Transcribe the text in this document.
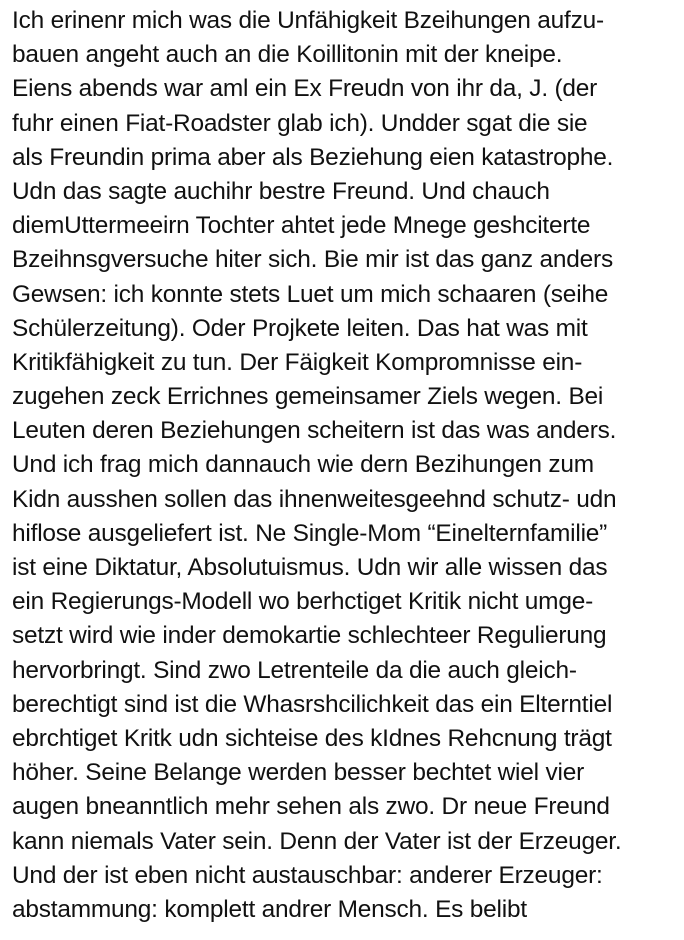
Ich erinenr mich was die Unfähigkeit Bzeihungen aufzu-
bauen angeht auch an die Koillitonin mit der kneipe.
Eiens abends war aml ein Ex Freudn von ihr da, J. (der
fuhr einen Fiat-Roadster glab ich). Undder sgat die sie
als Freundin prima aber als Beziehung eien katastrophe.
Udn das sagte auchihr bestre Freund. Und chauch
diemUttermeeirn Tochter ahtet jede Mnege geshciterte
Bzeihnsgversuche hiter sich. Bie mir ist das ganz anders
Gewsen: ich konnte stets Luet um mich schaaren (seihe
Schülerzeitung). Oder Projkete leiten. Das hat was mit
Kritikfähigkeit zu tun. Der Fäigkeit Kompromnisse ein-
zugehen zeck Errichnes gemeinsamer Ziels wegen. Bei
Leuten deren Beziehungen scheitern ist das was anders.
Und ich frag mich dannauch wie dern Bezihungen zum
Kidn ausshen sollen das ihnenweitesgeehnd schutz- udn
hiflose ausgeliefert ist. Ne Single-Mom “Einelternfamilie”
ist eine Diktatur, Absolutuismus. Udn wir alle wissen das
ein Regierungs-Modell wo berhctiget Kritik nicht umge-
setzt wird wie inder demokartie schlechteer Regulierung
hervorbringt. Sind zwo Letrenteile da die auch gleich-
berechtigt sind ist die Whasrshcilichkeit das ein Elterntiel
ebrchtiget Kritk udn sichteise des kIdnes Rehcnung trägt
höher. Seine Belange werden besser bechtet wiel vier
augen bneanntlich mehr sehen als zwo. Dr neue Freund
kann niemals Vater sein. Denn der Vater ist der Erzeuger.
Und der ist eben nicht austauschbar: anderer Erzeuger:
abstammung: komplett andrer Mensch. Es belibt
